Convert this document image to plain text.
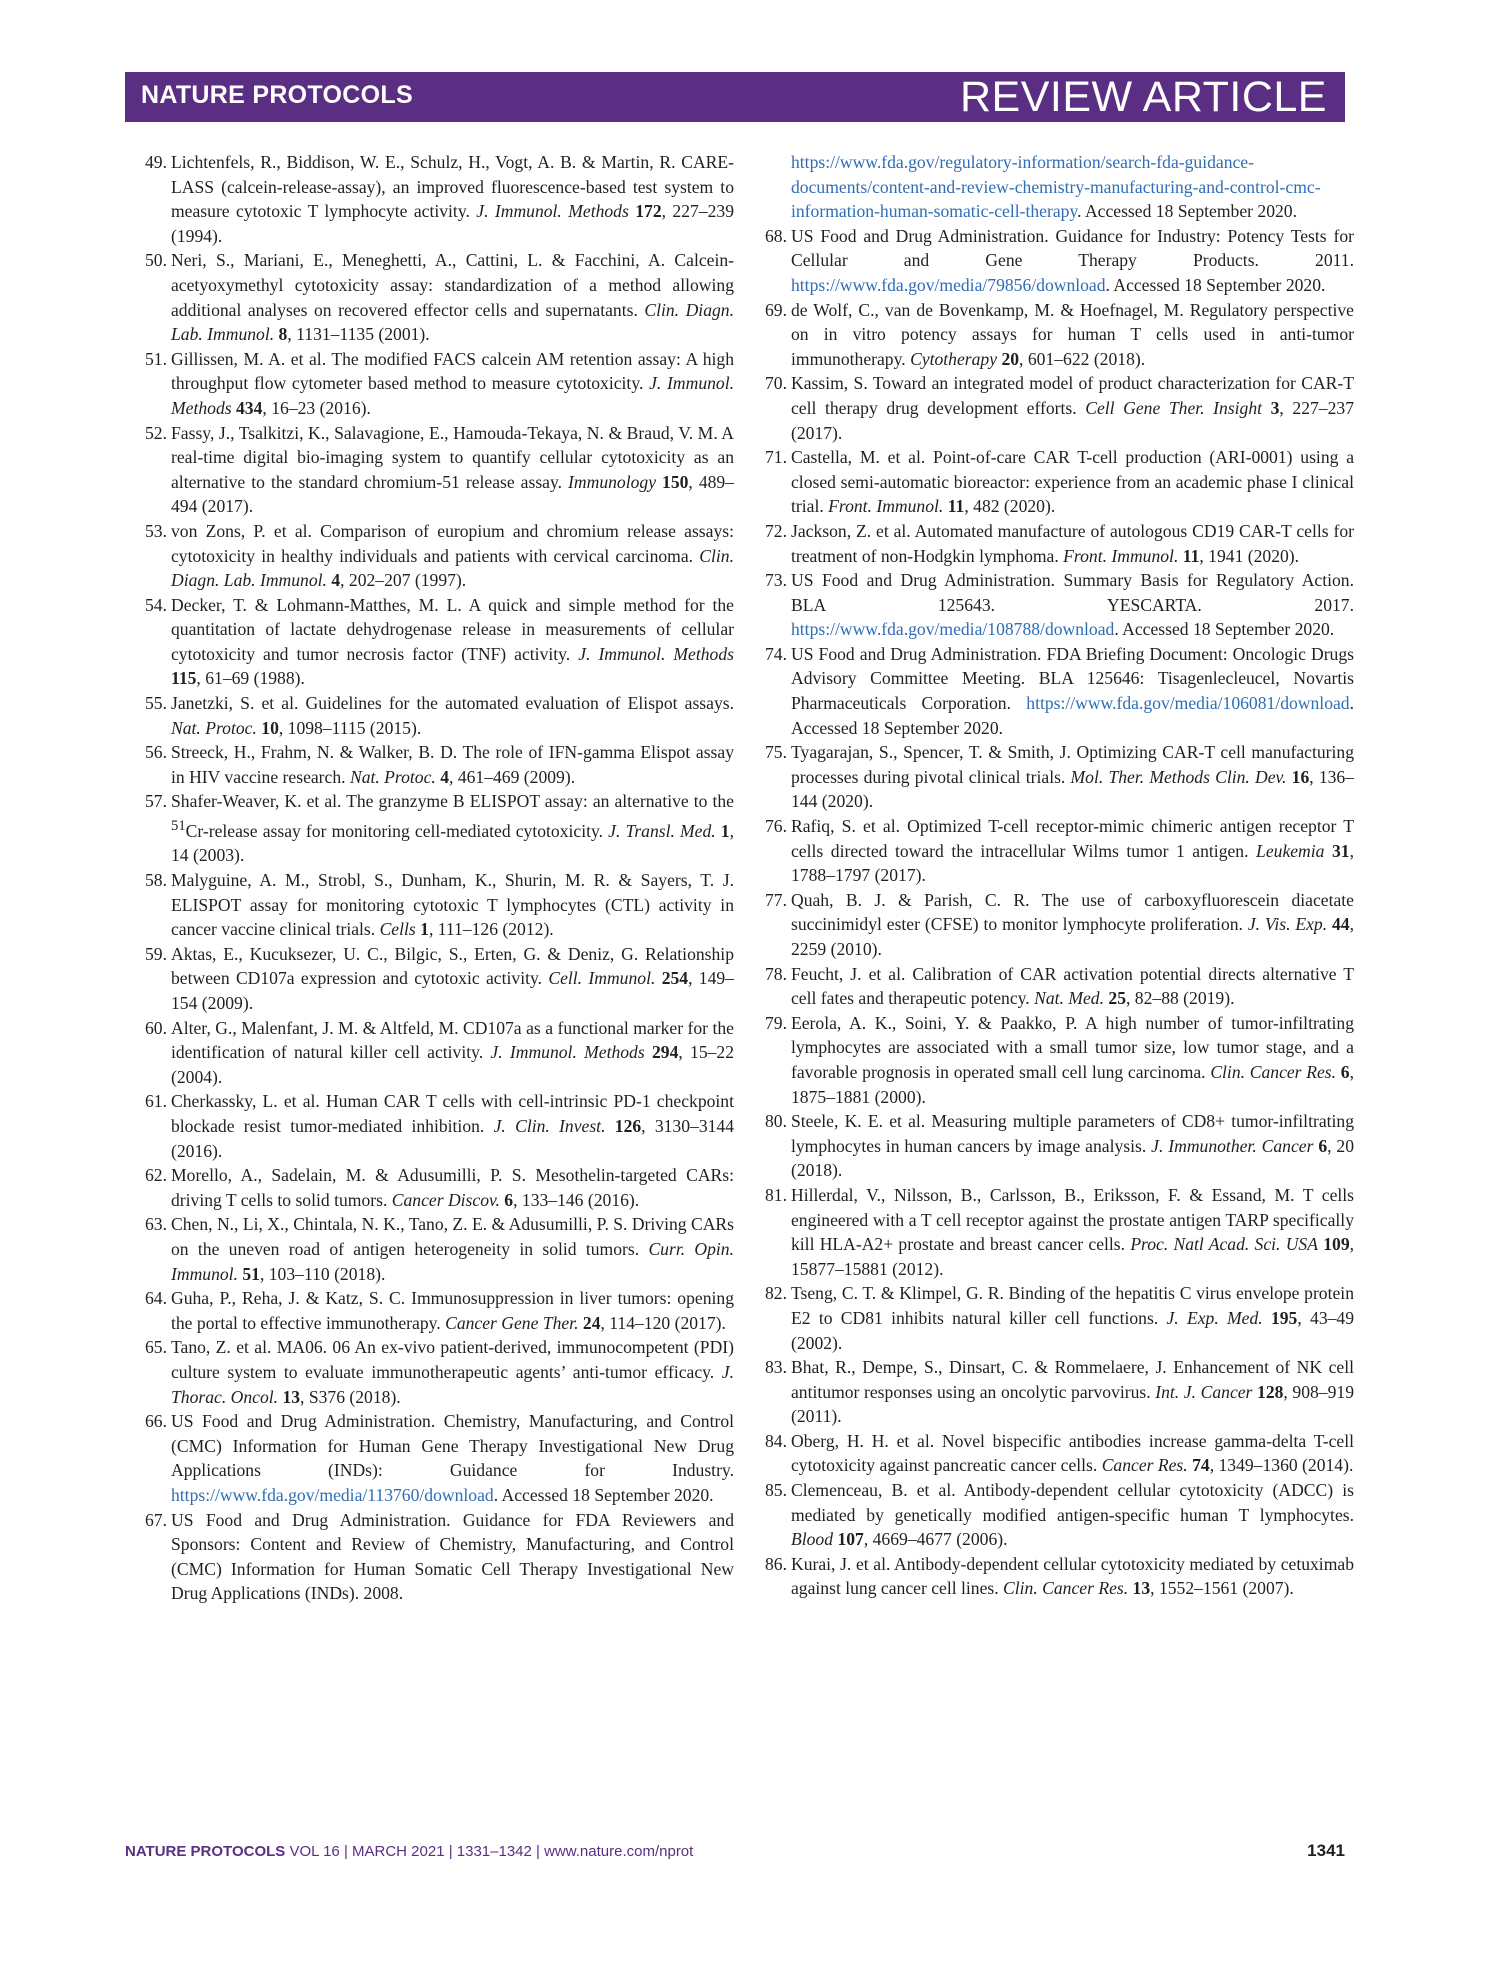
NATURE PROTOCOLS	REVIEW ARTICLE
49. Lichtenfels, R., Biddison, W. E., Schulz, H., Vogt, A. B. & Martin, R. CARE-LASS (calcein-release-assay), an improved fluorescence-based test system to measure cytotoxic T lymphocyte activity. J. Immunol. Methods 172, 227–239 (1994).
50. Neri, S., Mariani, E., Meneghetti, A., Cattini, L. & Facchini, A. Calcein-acetyoxymethyl cytotoxicity assay: standardization of a method allowing additional analyses on recovered effector cells and supernatants. Clin. Diagn. Lab. Immunol. 8, 1131–1135 (2001).
51. Gillissen, M. A. et al. The modified FACS calcein AM retention assay: A high throughput flow cytometer based method to measure cytotoxicity. J. Immunol. Methods 434, 16–23 (2016).
52. Fassy, J., Tsalkitzi, K., Salavagione, E., Hamouda-Tekaya, N. & Braud, V. M. A real-time digital bio-imaging system to quantify cellular cytotoxicity as an alternative to the standard chromium-51 release assay. Immunology 150, 489–494 (2017).
53. von Zons, P. et al. Comparison of europium and chromium release assays: cytotoxicity in healthy individuals and patients with cervical carcinoma. Clin. Diagn. Lab. Immunol. 4, 202–207 (1997).
54. Decker, T. & Lohmann-Matthes, M. L. A quick and simple method for the quantitation of lactate dehydrogenase release in measurements of cellular cytotoxicity and tumor necrosis factor (TNF) activity. J. Immunol. Methods 115, 61–69 (1988).
55. Janetzki, S. et al. Guidelines for the automated evaluation of Elispot assays. Nat. Protoc. 10, 1098–1115 (2015).
56. Streeck, H., Frahm, N. & Walker, B. D. The role of IFN-gamma Elispot assay in HIV vaccine research. Nat. Protoc. 4, 461–469 (2009).
57. Shafer-Weaver, K. et al. The granzyme B ELISPOT assay: an alternative to the $^{51}$Cr-release assay for monitoring cell-mediated cytotoxicity. J. Transl. Med. 1, 14 (2003).
58. Malyguine, A. M., Strobl, S., Dunham, K., Shurin, M. R. & Sayers, T. J. ELISPOT assay for monitoring cytotoxic T lymphocytes (CTL) activity in cancer vaccine clinical trials. Cells 1, 111–126 (2012).
59. Aktas, E., Kucuksezer, U. C., Bilgic, S., Erten, G. & Deniz, G. Relationship between CD107a expression and cytotoxic activity. Cell. Immunol. 254, 149–154 (2009).
60. Alter, G., Malenfant, J. M. & Altfeld, M. CD107a as a functional marker for the identification of natural killer cell activity. J. Immunol. Methods 294, 15–22 (2004).
61. Cherkassky, L. et al. Human CAR T cells with cell-intrinsic PD-1 checkpoint blockade resist tumor-mediated inhibition. J. Clin. Invest. 126, 3130–3144 (2016).
62. Morello, A., Sadelain, M. & Adusumilli, P. S. Mesothelin-targeted CARs: driving T cells to solid tumors. Cancer Discov. 6, 133–146 (2016).
63. Chen, N., Li, X., Chintala, N. K., Tano, Z. E. & Adusumilli, P. S. Driving CARs on the uneven road of antigen heterogeneity in solid tumors. Curr. Opin. Immunol. 51, 103–110 (2018).
64. Guha, P., Reha, J. & Katz, S. C. Immunosuppression in liver tumors: opening the portal to effective immunotherapy. Cancer Gene Ther. 24, 114–120 (2017).
65. Tano, Z. et al. MA06. 06 An ex-vivo patient-derived, immunocompetent (PDI) culture system to evaluate immunotherapeutic agents’ anti-tumor efficacy. J. Thorac. Oncol. 13, S376 (2018).
66. US Food and Drug Administration. Chemistry, Manufacturing, and Control (CMC) Information for Human Gene Therapy Investigational New Drug Applications (INDs): Guidance for Industry. https://www.fda.gov/media/113760/download. Accessed 18 September 2020.
67. US Food and Drug Administration. Guidance for FDA Reviewers and Sponsors: Content and Review of Chemistry, Manufacturing, and Control (CMC) Information for Human Somatic Cell Therapy Investigational New Drug Applications (INDs). 2008.
https://www.fda.gov/regulatory-information/search-fda-guidance-documents/content-and-review-chemistry-manufacturing-and-control-cmc-information-human-somatic-cell-therapy. Accessed 18 September 2020.
68. US Food and Drug Administration. Guidance for Industry: Potency Tests for Cellular and Gene Therapy Products. 2011. https://www.fda.gov/media/79856/download. Accessed 18 September 2020.
69. de Wolf, C., van de Bovenkamp, M. & Hoefnagel, M. Regulatory perspective on in vitro potency assays for human T cells used in anti-tumor immunotherapy. Cytotherapy 20, 601–622 (2018).
70. Kassim, S. Toward an integrated model of product characterization for CAR-T cell therapy drug development efforts. Cell Gene Ther. Insight 3, 227–237 (2017).
71. Castella, M. et al. Point-of-care CAR T-cell production (ARI-0001) using a closed semi-automatic bioreactor: experience from an academic phase I clinical trial. Front. Immunol. 11, 482 (2020).
72. Jackson, Z. et al. Automated manufacture of autologous CD19 CAR-T cells for treatment of non-Hodgkin lymphoma. Front. Immunol. 11, 1941 (2020).
73. US Food and Drug Administration. Summary Basis for Regulatory Action. BLA 125643. YESCARTA. 2017. https://www.fda.gov/media/108788/download. Accessed 18 September 2020.
74. US Food and Drug Administration. FDA Briefing Document: Oncologic Drugs Advisory Committee Meeting. BLA 125646: Tisagenlecleucel, Novartis Pharmaceuticals Corporation. https://www.fda.gov/media/106081/download. Accessed 18 September 2020.
75. Tyagarajan, S., Spencer, T. & Smith, J. Optimizing CAR-T cell manufacturing processes during pivotal clinical trials. Mol. Ther. Methods Clin. Dev. 16, 136–144 (2020).
76. Rafiq, S. et al. Optimized T-cell receptor-mimic chimeric antigen receptor T cells directed toward the intracellular Wilms tumor 1 antigen. Leukemia 31, 1788–1797 (2017).
77. Quah, B. J. & Parish, C. R. The use of carboxyfluorescein diacetate succinimidyl ester (CFSE) to monitor lymphocyte proliferation. J. Vis. Exp. 44, 2259 (2010).
78. Feucht, J. et al. Calibration of CAR activation potential directs alternative T cell fates and therapeutic potency. Nat. Med. 25, 82–88 (2019).
79. Eerola, A. K., Soini, Y. & Paakko, P. A high number of tumor-infiltrating lymphocytes are associated with a small tumor size, low tumor stage, and a favorable prognosis in operated small cell lung carcinoma. Clin. Cancer Res. 6, 1875–1881 (2000).
80. Steele, K. E. et al. Measuring multiple parameters of CD8+ tumor-infiltrating lymphocytes in human cancers by image analysis. J. Immunother. Cancer 6, 20 (2018).
81. Hillerdal, V., Nilsson, B., Carlsson, B., Eriksson, F. & Essand, M. T cells engineered with a T cell receptor against the prostate antigen TARP specifically kill HLA-A2+ prostate and breast cancer cells. Proc. Natl Acad. Sci. USA 109, 15877–15881 (2012).
82. Tseng, C. T. & Klimpel, G. R. Binding of the hepatitis C virus envelope protein E2 to CD81 inhibits natural killer cell functions. J. Exp. Med. 195, 43–49 (2002).
83. Bhat, R., Dempe, S., Dinsart, C. & Rommelaere, J. Enhancement of NK cell antitumor responses using an oncolytic parvovirus. Int. J. Cancer 128, 908–919 (2011).
84. Oberg, H. H. et al. Novel bispecific antibodies increase gamma-delta T-cell cytotoxicity against pancreatic cancer cells. Cancer Res. 74, 1349–1360 (2014).
85. Clemenceau, B. et al. Antibody-dependent cellular cytotoxicity (ADCC) is mediated by genetically modified antigen-specific human T lymphocytes. Blood 107, 4669–4677 (2006).
86. Kurai, J. et al. Antibody-dependent cellular cytotoxicity mediated by cetuximab against lung cancer cell lines. Clin. Cancer Res. 13, 1552–1561 (2007).
NATURE PROTOCOLS VOL 16 | MARCH 2021 | 1331–1342 | www.nature.com/nprot	1341
